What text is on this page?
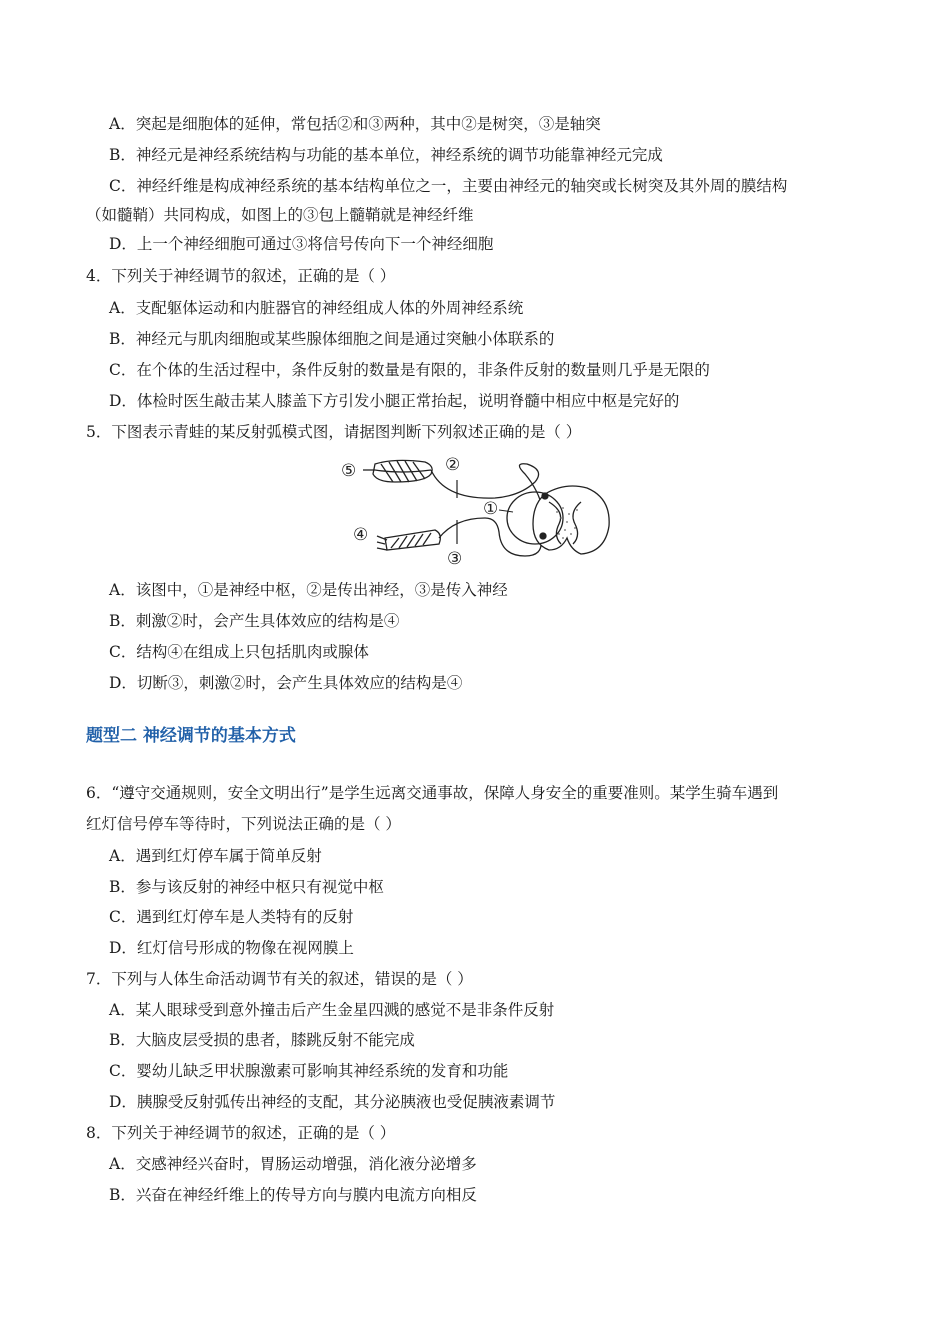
A．突起是细胞体的延伸，常包括②和③两种，其中②是树突，③是轴突
B．神经元是神经系统结构与功能的基本单位，神经系统的调节功能靠神经元完成
C．神经纤维是构成神经系统的基本结构单位之一，主要由神经元的轴突或长树突及其外周的膜结构
（如髓鞘）共同构成，如图上的③包上髓鞘就是神经纤维
D．上一个神经细胞可通过③将信号传向下一个神经细胞
4．下列关于神经调节的叙述，正确的是（ ）
A．支配躯体运动和内脏器官的神经组成人体的外周神经系统
B．神经元与肌肉细胞或某些腺体细胞之间是通过突触小体联系的
C．在个体的生活过程中，条件反射的数量是有限的，非条件反射的数量则几乎是无限的
D．体检时医生敲击某人膝盖下方引发小腿正常抬起，说明脊髓中相应中枢是完好的
5．下图表示青蛙的某反射弧模式图，请据图判断下列叙述正确的是（ ）
⑤	②
①
④
③
A．该图中，①是神经中枢，②是传出神经，③是传入神经
B．刺激②时，会产生具体效应的结构是④
C．结构④在组成上只包括肌肉或腺体
D．切断③，刺激②时，会产生具体效应的结构是④
题型二 神经调节的基本方式
6．“遵守交通规则，安全文明出行”是学生远离交通事故，保障人身安全的重要准则。某学生骑车遇到
红灯信号停车等待时，下列说法正确的是（ ）
A．遇到红灯停车属于简单反射
B．参与该反射的神经中枢只有视觉中枢
C．遇到红灯停车是人类特有的反射
D．红灯信号形成的物像在视网膜上
7．下列与人体生命活动调节有关的叙述，错误的是（ ）
A．某人眼球受到意外撞击后产生金星四溅的感觉不是非条件反射
B．大脑皮层受损的患者，膝跳反射不能完成
C．婴幼儿缺乏甲状腺激素可影响其神经系统的发育和功能
D．胰腺受反射弧传出神经的支配，其分泌胰液也受促胰液素调节
8．下列关于神经调节的叙述，正确的是（ ）
A．交感神经兴奋时，胃肠运动增强，消化液分泌增多
B．兴奋在神经纤维上的传导方向与膜内电流方向相反
